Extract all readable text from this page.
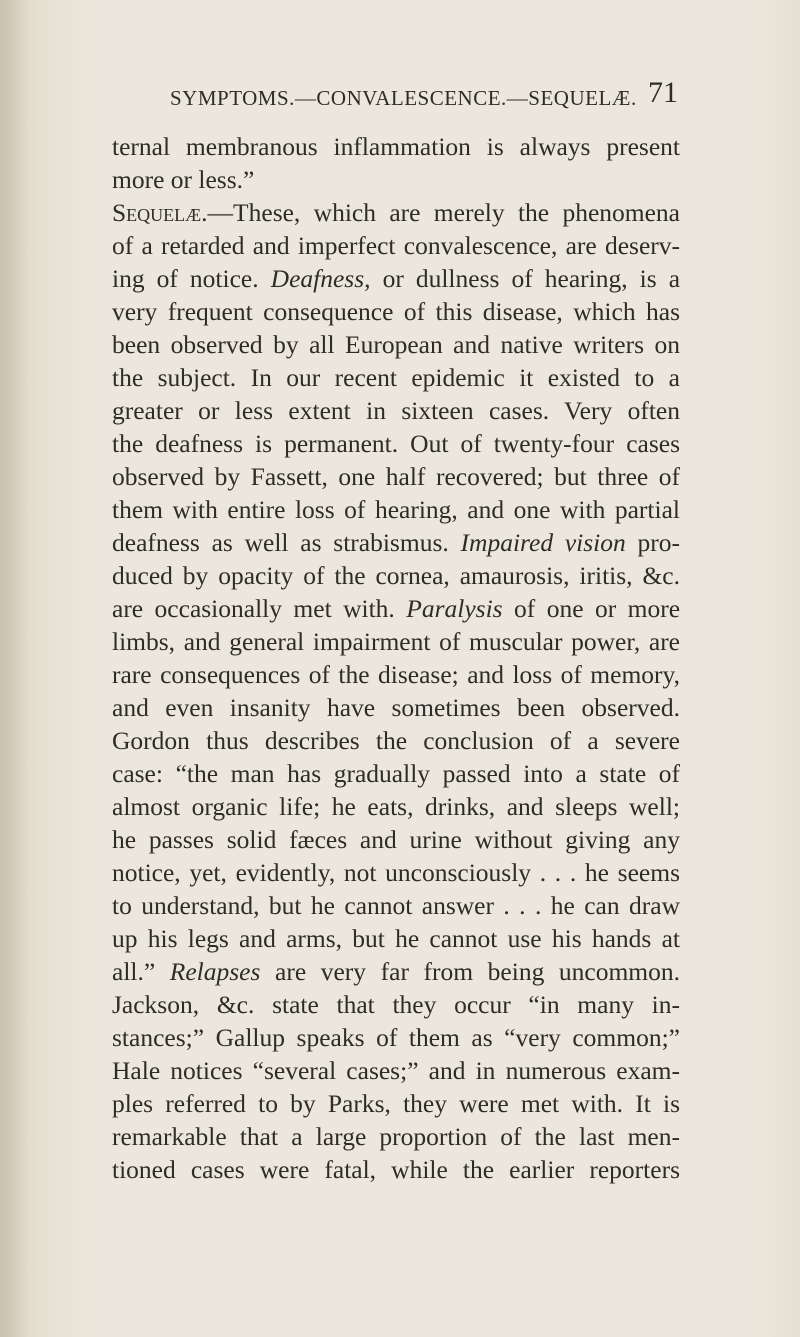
SYMPTOMS.—CONVALESCENCE.—SEQUELÆ. 71
ternal membranous inflammation is always present
more or less.”
Sequelæ.—These, which are merely the phenomena
of a retarded and imperfect convalescence, are deserv-
ing of notice. Deafness, or dullness of hearing, is a
very frequent consequence of this disease, which has
been observed by all European and native writers on
the subject. In our recent epidemic it existed to a
greater or less extent in sixteen cases. Very often
the deafness is permanent. Out of twenty-four cases
observed by Fassett, one half recovered; but three of
them with entire loss of hearing, and one with partial
deafness as well as strabismus. Impaired vision pro-
duced by opacity of the cornea, amaurosis, iritis, &c.
are occasionally met with. Paralysis of one or more
limbs, and general impairment of muscular power, are
rare consequences of the disease; and loss of memory,
and even insanity have sometimes been observed.
Gordon thus describes the conclusion of a severe
case: “the man has gradually passed into a state of
almost organic life; he eats, drinks, and sleeps well;
he passes solid fæces and urine without giving any
notice, yet, evidently, not unconsciously . . . he seems
to understand, but he cannot answer . . . he can draw
up his legs and arms, but he cannot use his hands at
all.” Relapses are very far from being uncommon.
Jackson, &c. state that they occur “in many in-
stances;” Gallup speaks of them as “very common;”
Hale notices “several cases;” and in numerous exam-
ples referred to by Parks, they were met with. It is
remarkable that a large proportion of the last men-
tioned cases were fatal, while the earlier reporters
